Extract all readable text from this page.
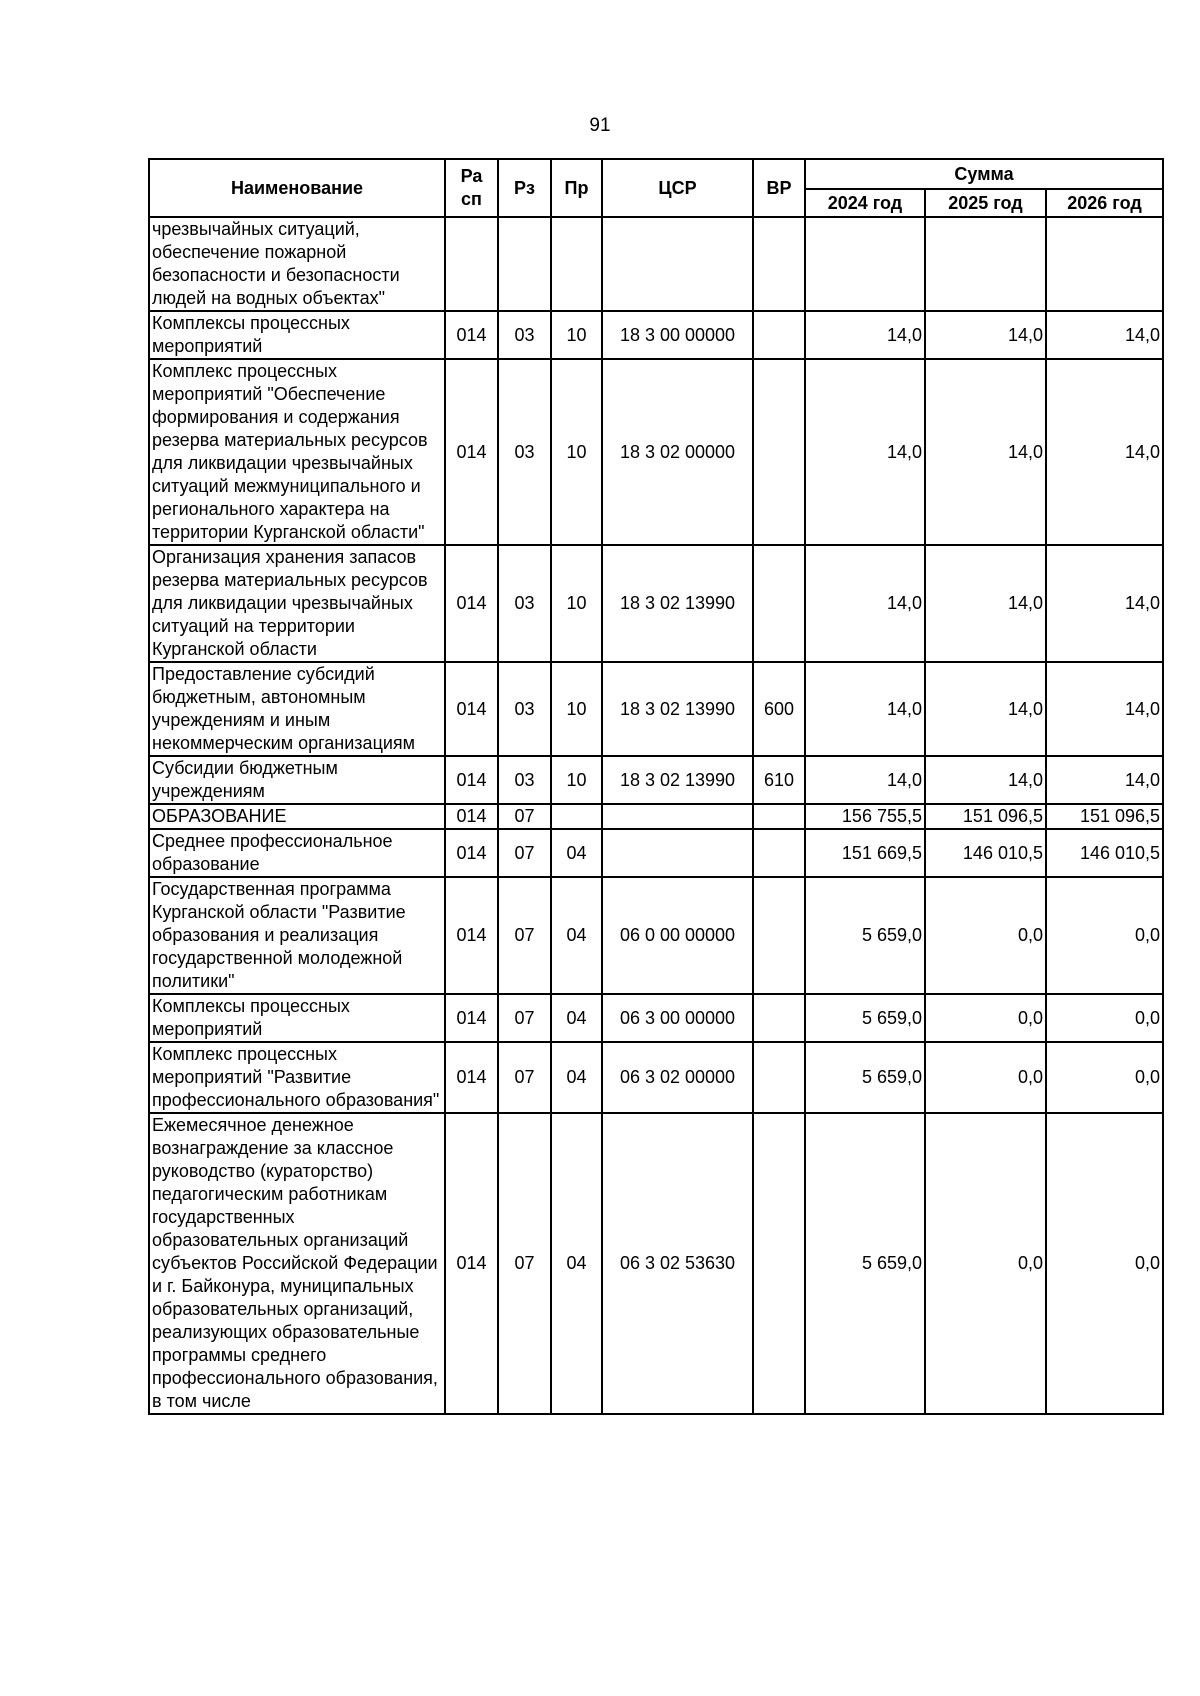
91
Наименование	Ра сп	Рз	Пр	ЦСР	ВР	Сумма		
						2024 год	2025 год	2026 год
чрезвычайных ситуаций, обеспечение пожарной безопасности и безопасности людей на водных объектах"								
Комплексы процессных мероприятий	014	03	10	18 3 00 00000		14,0	14,0	14,0
Комплекс процессных мероприятий "Обеспечение формирования и содержания резерва материальных ресурсов для ликвидации чрезвычайных ситуаций межмуниципального и регионального характера на территории Курганской области"	014	03	10	18 3 02 00000		14,0	14,0	14,0
Организация хранения запасов резерва материальных ресурсов для ликвидации чрезвычайных ситуаций на территории Курганской области	014	03	10	18 3 02 13990		14,0	14,0	14,0
Предоставление субсидий бюджетным, автономным учреждениям и иным некоммерческим организациям	014	03	10	18 3 02 13990	600	14,0	14,0	14,0
Субсидии бюджетным учреждениям	014	03	10	18 3 02 13990	610	14,0	14,0	14,0
ОБРАЗОВАНИЕ	014	07				156 755,5	151 096,5	151 096,5
Среднее профессиональное образование	014	07	04			151 669,5	146 010,5	146 010,5
Государственная программа Курганской области "Развитие образования и реализация государственной молодежной политики"	014	07	04	06 0 00 00000		5 659,0	0,0	0,0
Комплексы процессных мероприятий	014	07	04	06 3 00 00000		5 659,0	0,0	0,0
Комплекс процессных мероприятий "Развитие профессионального образования"	014	07	04	06 3 02 00000		5 659,0	0,0	0,0
Ежемесячное денежное вознаграждение за классное руководство (кураторство) педагогическим работникам государственных образовательных организаций субъектов Российской Федерации и г. Байконура, муниципальных образовательных организаций, реализующих образовательные программы среднего профессионального образования, в том числе	014	07	04	06 3 02 53630		5 659,0	0,0	0,0
